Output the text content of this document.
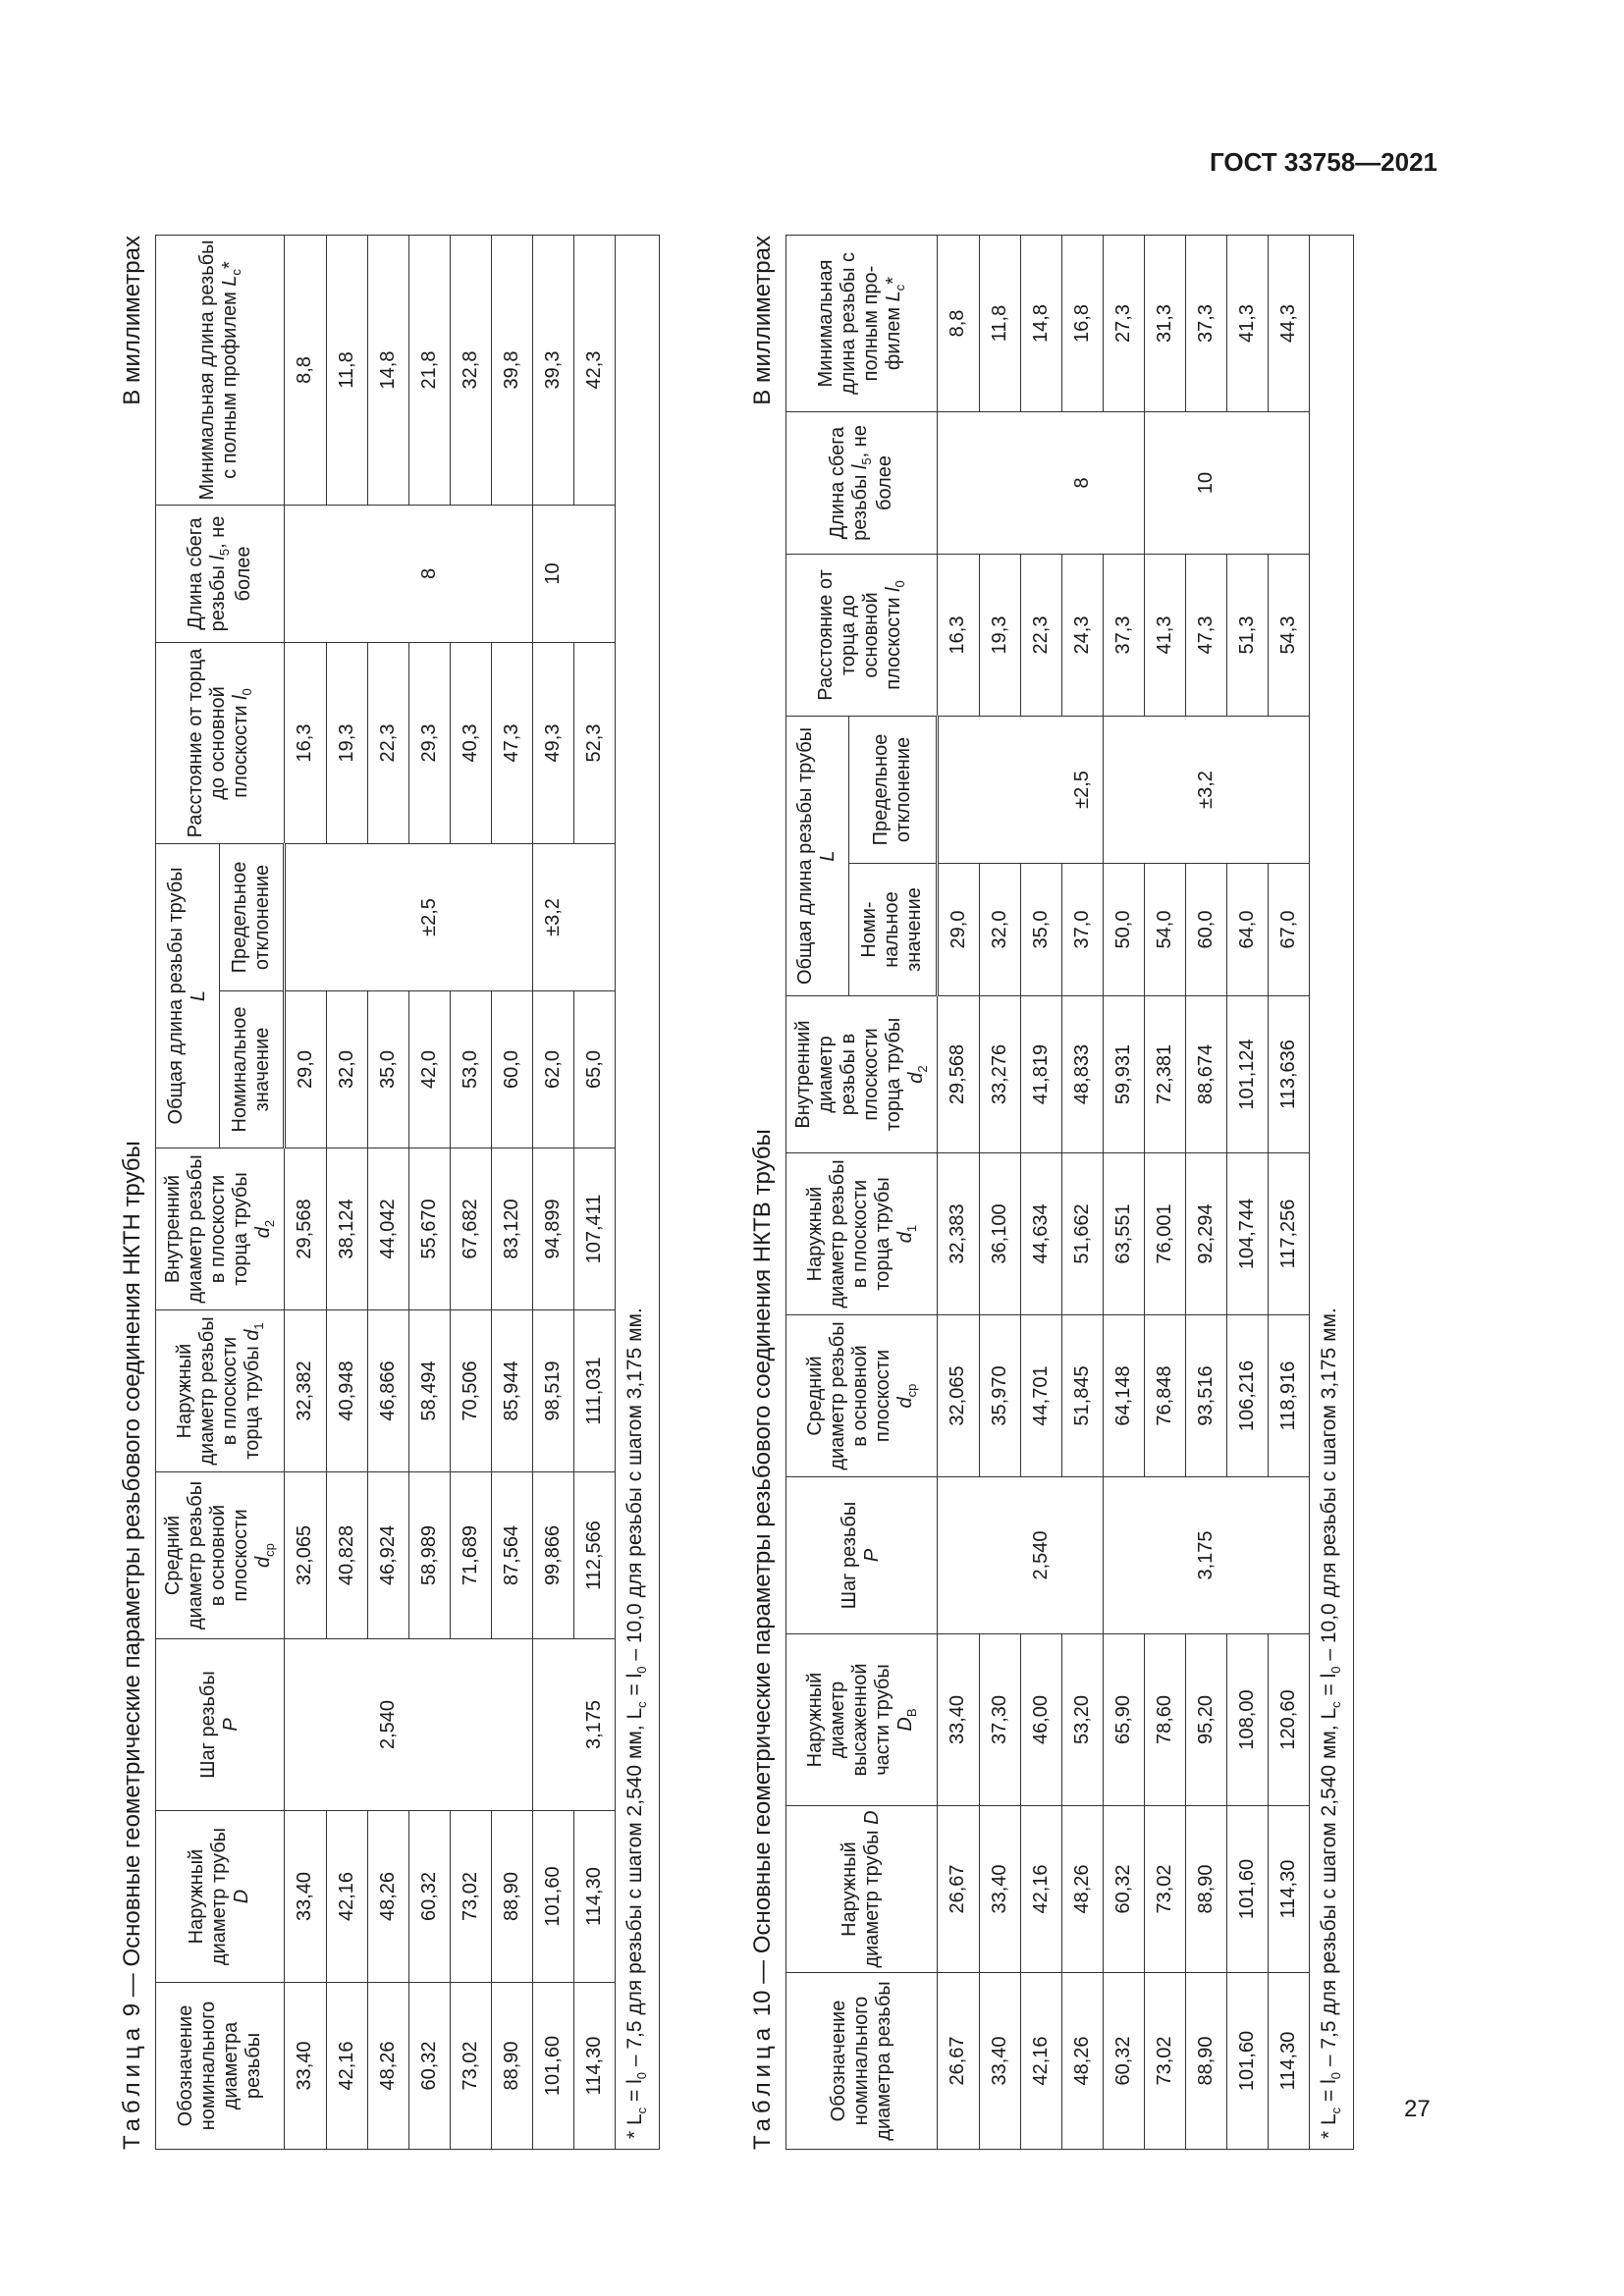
ГОСТ 33758—2021
Таблица 9 — Основные геометрические параметры резьбового соединения НКТН трубы
В миллиметрах
Обозначение номинального диаметра резьбы	Наружный диаметр трубы
D	Шаг резьбы
P	Средний диаметр резьбы в основной плоскости
$d_{ср}$	Наружный диаметр резьбы в плоскости торца трубы $d_1$	Внутренний диаметр резьбы в плоскости торца трубы
$d_2$	Общая длина резьбы трубы
L		Расстояние от торца до основной плоскости $l_0$	Длина сбега резьбы $l_5$, не более	Минимальная длина резьбы с полным профилем $L_c*$
						Номинальное значение	Предельное отклонение			
33,40	33,40		32,065	32,382	29,568	29,0		16,3		8,8
42,16	42,16		40,828	40,948	38,124	32,0		19,3		11,8
48,26	48,26	2,540	46,924	46,866	44,042	35,0		22,3		14,8
60,32	60,32		58,989	58,494	55,670	42,0	±2,5	29,3	8	21,8
73,02	73,02		71,689	70,506	67,682	53,0		40,3		32,8
88,90	88,90		87,564	85,944	83,120	60,0		47,3		39,8
101,60	101,60		99,866	98,519	94,899	62,0	±3,2	49,3	10	39,3
114,30	114,30	3,175	112,566	111,031	107,411	65,0		52,3		42,3
* $L_c = l_0 - 7,5$ для резьбы с шагом 2,540 мм, $L_c = l_0 - 10,0$ для резьбы с шагом 3,175 мм.										
Таблица 10 — Основные геометрические параметры резьбового соединения НКТВ трубы
В миллиметрах
Обозначение номинального диаметра резьбы	Наружный диаметр трубы D	Наружный диаметр высаженной части трубы
$D_B$	Шаг резьбы
P	Средний диаметр резьбы в основной плоскости
$d_{ср}$	Наружный диаметр резьбы в плоскости торца трубы
$d_1$	Внутренний диаметр резьбы в плоскости торца трубы
$d_2$	Общая длина резьбы трубы L		Расстояние от торца до основной плоскости $l_0$	Длина сбега резьбы $l_5$, не более	Минимальная длина резьбы с полным профилем $L_c*$
							Номинальное значение	Предельное отклонение			
26,67	26,67	33,40		32,065	32,383	29,568	29,0		16,3		8,8
33,40	33,40	37,30		35,970	36,100	33,276	32,0		19,3		11,8
42,16	42,16	46,00	2,540	44,701	44,634	41,819	35,0		22,3		14,8
48,26	48,26	53,20		51,845	51,662	48,833	37,0	±2,5	24,3	8	16,8
60,32	60,32	65,90		64,148	63,551	59,931	50,0		37,3		27,3
73,02	73,02	78,60		76,848	76,001	72,381	54,0		41,3		31,3
88,90	88,90	95,20	3,175	93,516	92,294	88,674	60,0	±3,2	47,3	10	37,3
101,60	101,60	108,00		106,216	104,744	101,124	64,0		51,3		41,3
114,30	114,30	120,60		118,916	117,256	113,636	67,0		54,3		44,3
* $L_c = l_0 - 7,5$ для резьбы с шагом 2,540 мм, $L_c = l_0 - 10,0$ для резьбы с шагом 3,175 мм.											
27
